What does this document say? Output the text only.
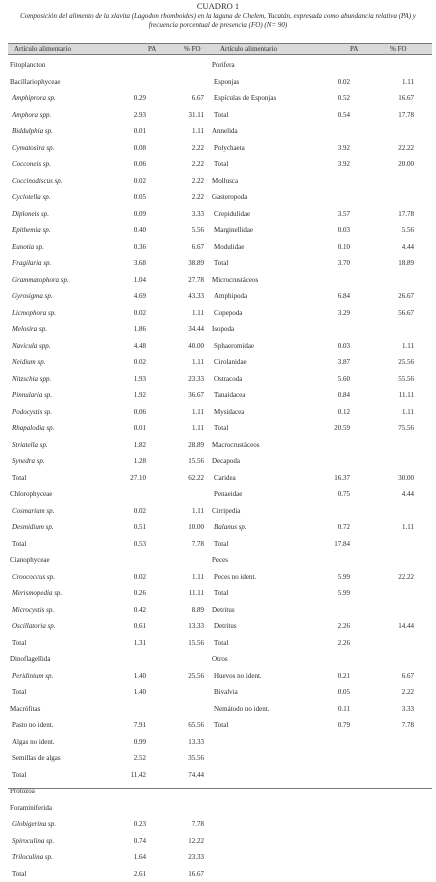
CUADRO 1
Composición del alimento de la xlavita (Lagodon rhomboides) en la laguna de Chelem, Yucatán, expresada como abundancia relativa (PA) y frecuencia porcentual de presencia (FO) (N= 90)
Artículo alimentario	PA	% FO	Artículo alimentario	PA	% FO
Fitoplancton
Bacillariophyceae
Amphiprora sp.	0.29	6.67
Amphora spp.	2.93	31.11
Biddulphia sp.	0.01	1.11
Cymatosira sp.	0.08	2.22
Cocconeis sp.	0.06	2.22
Coccinodiscus sp.	0.02	2.22
Cyclotella sp.	0.05	2.22
Diploneis sp.	0.09	3.33
Epithemia sp.	0.40	5.56
Eunotia sp.	0.36	6.67
Fragilaria sp.	3.68	38.89
Grammatophora sp.	1.04	27.78
Gyrosigma sp.	4.69	43.33
Licmophora sp.	0.02	1.11
Melosira sp.	1.86	34.44
Navicula spp.	4.48	40.00
Neidium sp.	0.02	1.11
Nitzschia spp.	1.93	23.33
Pinnularia sp.	1.92	36.67
Podocystis sp.	0.06	1.11
Rhapalodia sp.	0.01	1.11
Striatella sp.	1.82	28.89
Synedra sp.	1.28	15.56
Total	27.10	62.22
Chlorophyceae
Cosmarium sp.	0.02	1.11
Desmidium sp.	0.51	10.00
Total	0.53	7.78
Cianophyceae
Croococcus sp.	0.02	1.11
Merismopedia sp.	0.26	11.11
Microcystis sp.	0.42	8.89
Oscillatoria sp.	0.61	13.33
Total	1.31	15.56
Dinoflagellida
Peridinium sp.	1.40	25.56
Total	1.40
Macrófitas
Pasto no ident.	7.91	65.56
Algas no ident.	0.99	13.33
Semillas de algas	2.52	35.56
Total	11.42	74.44
Protozoa
Foraminiferida
Globigerina sp.	0.23	7.78
Spiroculina sp.	0.74	12.22
Triloculina sp.	1.64	23.33
Total	2.61	16.67
Porifera
Esponjas	0.02	1.11
Espículas de Esponjas	0.52	16.67
Total	0.54	17.78
Annelida
Polychaeta	3.92	22.22
Total	3.92	20.00
Mollusca
Gasteropoda
Crepidulidae	3.57	17.78
Marginellidae	0.03	5.56
Modulidae	0.10	4.44
Total	3.70	18.89
Microcrustáceos
Amphipoda	6.84	26.67
Copepoda	3.29	56.67
Isopoda
Sphaeromidae	0.03	1.11
Cirolanidae	3.87	25.56
Ostracoda	5.60	55.56
Tanaidacea	0.84	11.11
Mysidacea	0.12	1.11
Total	20.59	75.56
Macrocrustáceos
Decapoda
Caridea	16.37	30.00
Penaeidae	0.75	4.44
Cirripedia
Balanus sp.	0.72	1.11
Total	17.84
Peces
Peces no ident.	5.99	22.22
Total	5.99
Detritus
Detritus	2.26	14.44
Total	2.26
Otros
Huevos no ident.	0.21	6.67
Bivalvia	0.05	2.22
Nemátodo no ident.	0.11	3.33
Total	0.79	7.78
